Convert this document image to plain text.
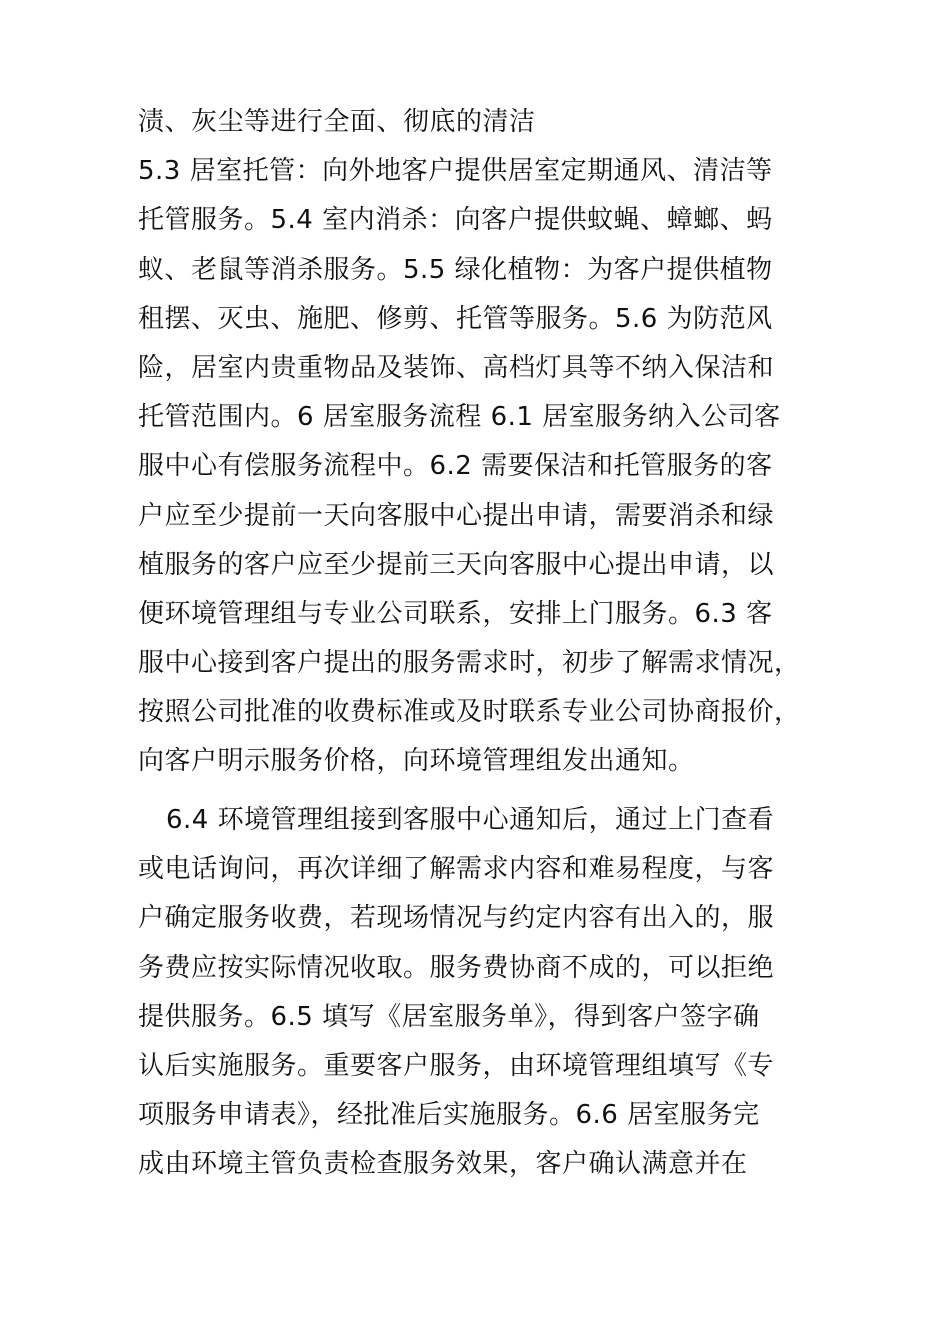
渍、灰尘等进行全面、彻底的清洁
5.3 居室托管：向外地客户提供居室定期通风、清洁等
托管服务。5.4 室内消杀：向客户提供蚊蝇、蟑螂、蚂
蚁、老鼠等消杀服务。5.5 绿化植物：为客户提供植物
租摆、灭虫、施肥、修剪、托管等服务。5.6 为防范风
险，居室内贵重物品及装饰、高档灯具等不纳入保洁和
托管范围内。6 居室服务流程 6.1 居室服务纳入公司客
服中心有偿服务流程中。6.2 需要保洁和托管服务的客
户应至少提前一天向客服中心提出申请，需要消杀和绿
植服务的客户应至少提前三天向客服中心提出申请，以
便环境管理组与专业公司联系，安排上门服务。6.3 客
服中心接到客户提出的服务需求时，初步了解需求情况，
按照公司批准的收费标准或及时联系专业公司协商报价，
向客户明示服务价格，向环境管理组发出通知。
6.4 环境管理组接到客服中心通知后，通过上门查看
或电话询问，再次详细了解需求内容和难易程度，与客
户确定服务收费，若现场情况与约定内容有出入的，服
务费应按实际情况收取。服务费协商不成的，可以拒绝
提供服务。6.5 填写《居室服务单》，得到客户签字确
认后实施服务。重要客户服务，由环境管理组填写《专
项服务申请表》，经批准后实施服务。6.6 居室服务完
成由环境主管负责检查服务效果，客户确认满意并在
